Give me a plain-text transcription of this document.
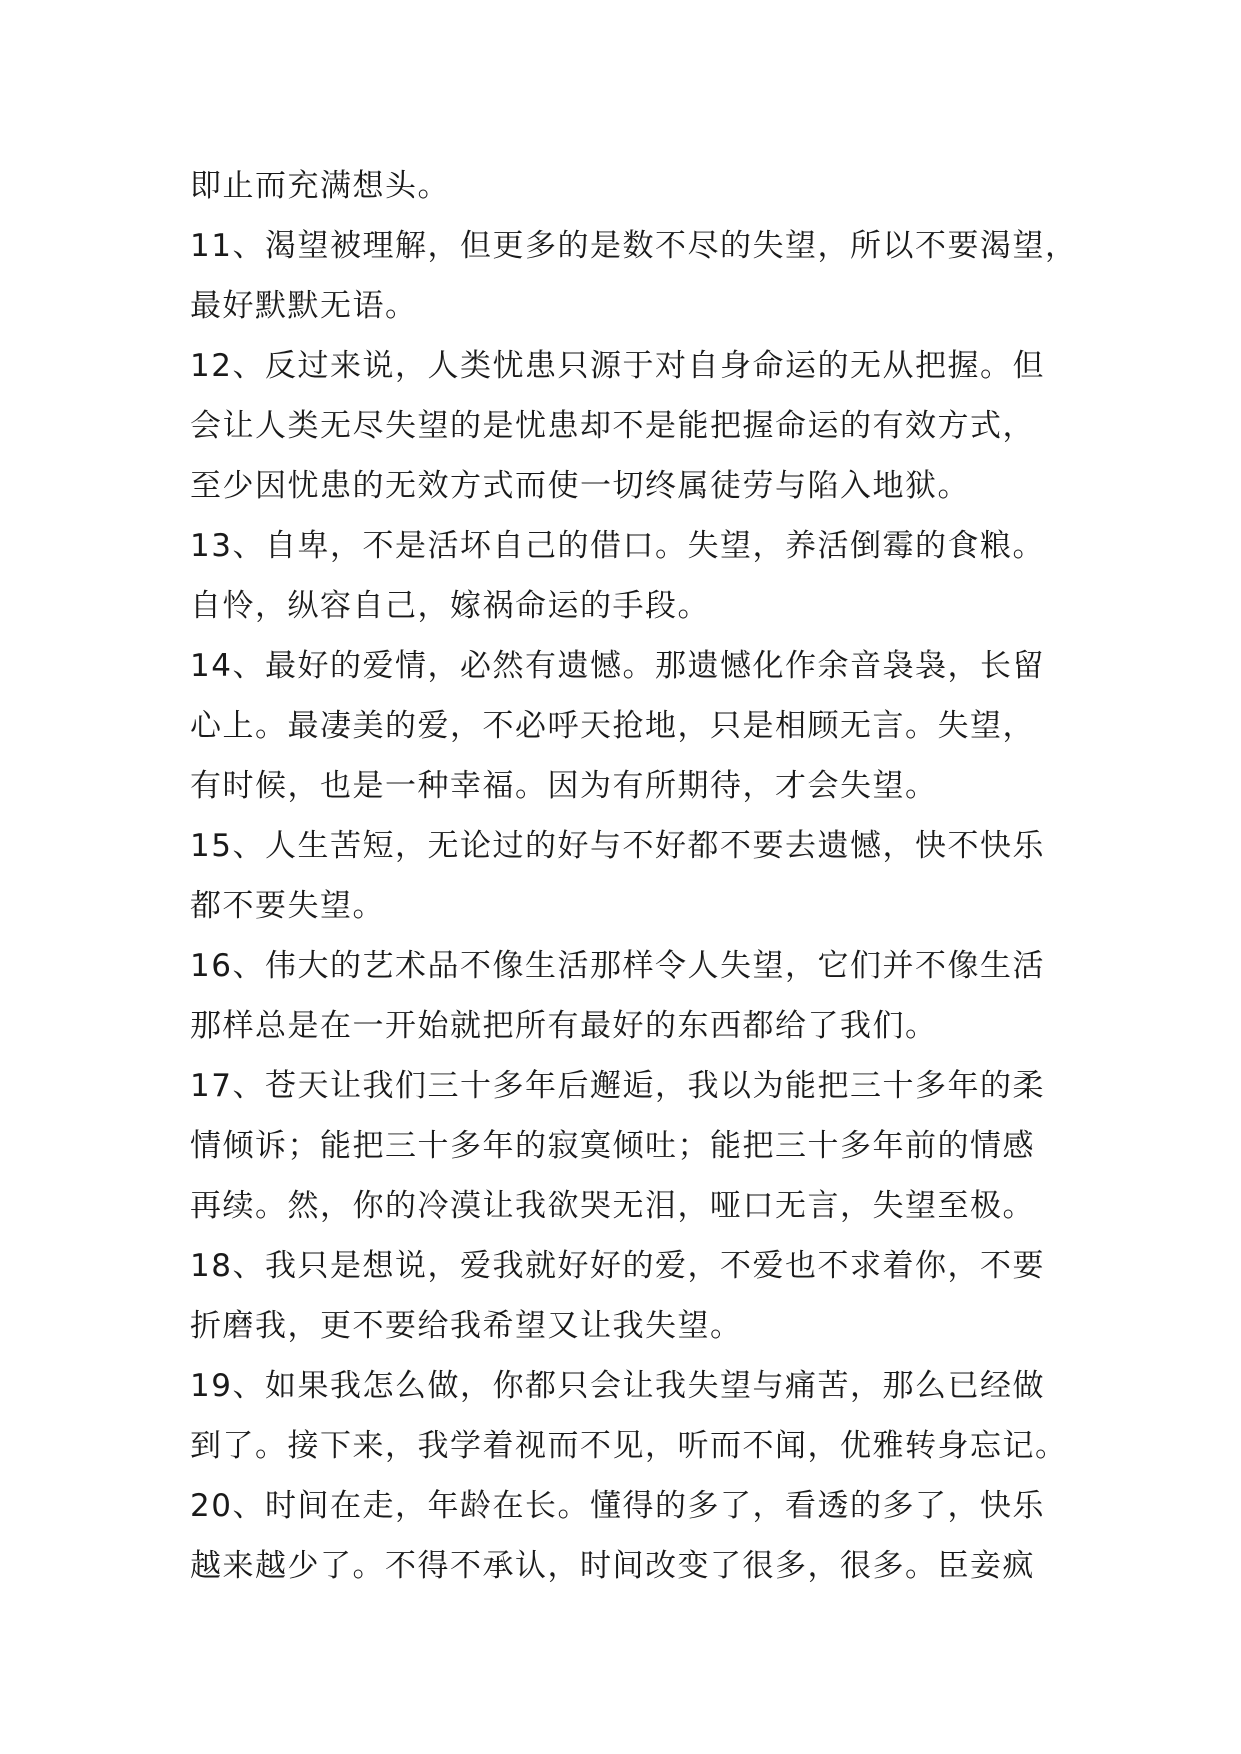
即止而充满想头。
11、渴望被理解，但更多的是数不尽的失望，所以不要渴望，
最好默默无语。
12、反过来说，人类忧患只源于对自身命运的无从把握。但
会让人类无尽失望的是忧患却不是能把握命运的有效方式，
至少因忧患的无效方式而使一切终属徒劳与陷入地狱。
13、自卑，不是活坏自己的借口。失望，养活倒霉的食粮。
自怜，纵容自己，嫁祸命运的手段。
14、最好的爱情，必然有遗憾。那遗憾化作余音袅袅，长留
心上。最凄美的爱，不必呼天抢地，只是相顾无言。失望，
有时候，也是一种幸福。因为有所期待，才会失望。
15、人生苦短，无论过的好与不好都不要去遗憾，快不快乐
都不要失望。
16、伟大的艺术品不像生活那样令人失望，它们并不像生活
那样总是在一开始就把所有最好的东西都给了我们。
17、苍天让我们三十多年后邂逅，我以为能把三十多年的柔
情倾诉；能把三十多年的寂寞倾吐；能把三十多年前的情感
再续。然，你的冷漠让我欲哭无泪，哑口无言，失望至极。
18、我只是想说，爱我就好好的爱，不爱也不求着你，不要
折磨我，更不要给我希望又让我失望。
19、如果我怎么做，你都只会让我失望与痛苦，那么已经做
到了。接下来，我学着视而不见，听而不闻，优雅转身忘记。
20、时间在走，年龄在长。懂得的多了，看透的多了，快乐
越来越少了。不得不承认，时间改变了很多，很多。臣妾疯
